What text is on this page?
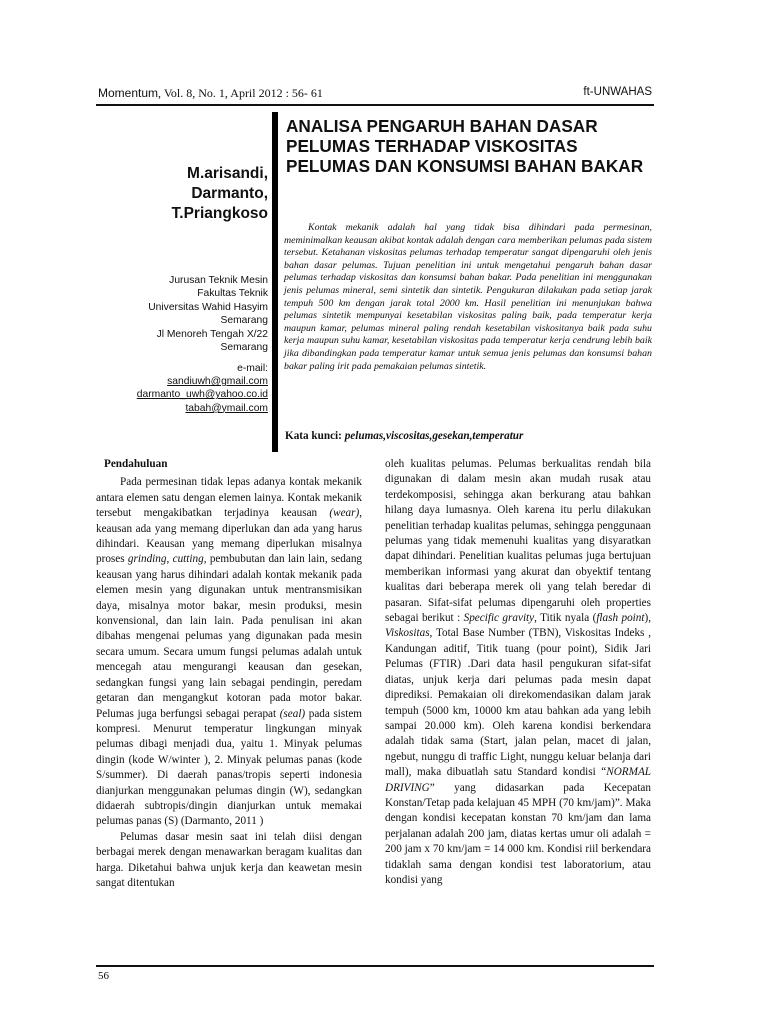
Momentum, Vol. 8, No. 1, April 2012 : 56- 61	ft-UNWAHAS
M.arisandi,
Darmanto,
T.Priangkoso
Jurusan Teknik Mesin
Fakultas Teknik
Universitas Wahid Hasyim
Semarang
Jl Menoreh Tengah X/22
Semarang
e-mail:
sandiuwh@gmail.com
darmanto_uwh@yahoo.co.id
tabah@ymail.com
ANALISA PENGARUH BAHAN DASAR PELUMAS TERHADAP VISKOSITAS PELUMAS DAN KONSUMSI BAHAN BAKAR
Kontak mekanik adalah hal yang tidak bisa dihindari pada permesinan, meminimalkan keausan akibat kontak adalah dengan cara memberikan pelumas pada sistem tersebut. Ketahanan viskositas pelumas terhadap temperatur sangat dipengaruhi oleh jenis bahan dasar pelumas. Tujuan penelitian ini untuk mengetahui pengaruh bahan dasar pelumas terhadap viskositas dan konsumsi bahan bakar. Pada penelitian ini menggunakan jenis pelumas mineral, semi sintetik dan sintetik. Pengukuran dilakukan pada setiap jarak tempuh 500 km dengan jarak total 2000 km. Hasil penelitian ini menunjukan bahwa pelumas sintetik mempunyai kesetabilan viskositas paling baik, pada temperatur kerja maupun kamar, pelumas mineral paling rendah kesetabilan viskositanya baik pada suhu kerja maupun suhu kamar, kesetabilan viskositas pada temperatur kerja cendrung lebih baik jika dibandingkan pada temperatur kamar untuk semua jenis pelumas dan konsumsi bahan bakar paling irit pada pemakaian pelumas sintetik.
Kata kunci: pelumas,viscositas,gesekan,temperatur

Pendahuluan

Pada permesinan tidak lepas adanya kontak mekanik antara elemen satu dengan elemen lainya. Kontak mekanik tersebut mengakibatkan terjadinya keausan (wear), keausan ada yang memang diperlukan dan ada yang harus dihindari. Keausan yang memang diperlukan misalnya proses grinding, cutting, pembubutan dan lain lain, sedang keausan yang harus dihindari adalah kontak mekanik pada elemen mesin yang digunakan untuk mentransmisikan daya, misalnya motor bakar, mesin produksi, mesin konvensional, dan lain lain. Pada penulisan ini akan dibahas mengenai pelumas yang digunakan pada mesin secara umum. Secara umum fungsi pelumas adalah untuk mencegah atau mengurangi keausan dan gesekan, sedangkan fungsi yang lain sebagai pendingin, peredam getaran dan mengangkut kotoran pada motor bakar. Pelumas juga berfungsi sebagai perapat (seal) pada sistem kompresi. Menurut temperatur lingkungan minyak pelumas dibagi menjadi dua, yaitu 1. Minyak pelumas dingin (kode W/winter ), 2. Minyak pelumas panas (kode S/summer). Di daerah panas/tropis seperti indonesia dianjurkan menggunakan pelumas dingin (W), sedangkan didaerah subtropis/dingin dianjurkan untuk memakai pelumas panas (S) (Darmanto, 2011 )

Pelumas dasar mesin saat ini telah diisi dengan berbagai merek dengan menawarkan beragam kualitas dan harga. Diketahui bahwa unjuk kerja dan keawetan mesin sangat ditentukan

oleh kualitas pelumas. Pelumas berkualitas rendah bila digunakan di dalam mesin akan mudah rusak atau terdekomposisi, sehingga akan berkurang atau bahkan hilang daya lumasnya. Oleh karena itu perlu dilakukan penelitian terhadap kualitas pelumas, sehingga penggunaan pelumas yang tidak memenuhi kualitas yang disyaratkan dapat dihindari. Penelitian kualitas pelumas juga bertujuan memberikan informasi yang akurat dan obyektif tentang kualitas dari beberapa merek oli yang telah beredar di pasaran. Sifat-sifat pelumas dipengaruhi oleh properties sebagai berikut : Specific gravity, Titik nyala (flash point), Viskositas, Total Base Number (TBN), Viskositas Indeks , Kandungan aditif, Titik tuang (pour point), Sidik Jari Pelumas (FTIR) .Dari data hasil pengukuran sifat-sifat diatas, unjuk kerja dari pelumas pada mesin dapat diprediksi. Pemakaian oli direkomendasikan dalam jarak tempuh (5000 km, 10000 km atau bahkan ada yang lebih sampai 20.000 km). Oleh karena kondisi berkendara adalah tidak sama (Start, jalan pelan, macet di jalan, ngebut, nunggu di traffic Light, nunggu keluar belanja dari mall), maka dibuatlah satu Standard kondisi “NORMAL DRIVING” yang didasarkan pada Kecepatan Konstan/Tetap pada kelajuan 45 MPH (70 km/jam)”. Maka dengan kondisi kecepatan konstan 70 km/jam dan lama perjalanan adalah 200 jam, diatas kertas umur oli adalah = 200 jam x 70 km/jam = 14 000 km. Kondisi riil berkendara tidaklah sama dengan kondisi test laboratorium, atau kondisi yang

56
